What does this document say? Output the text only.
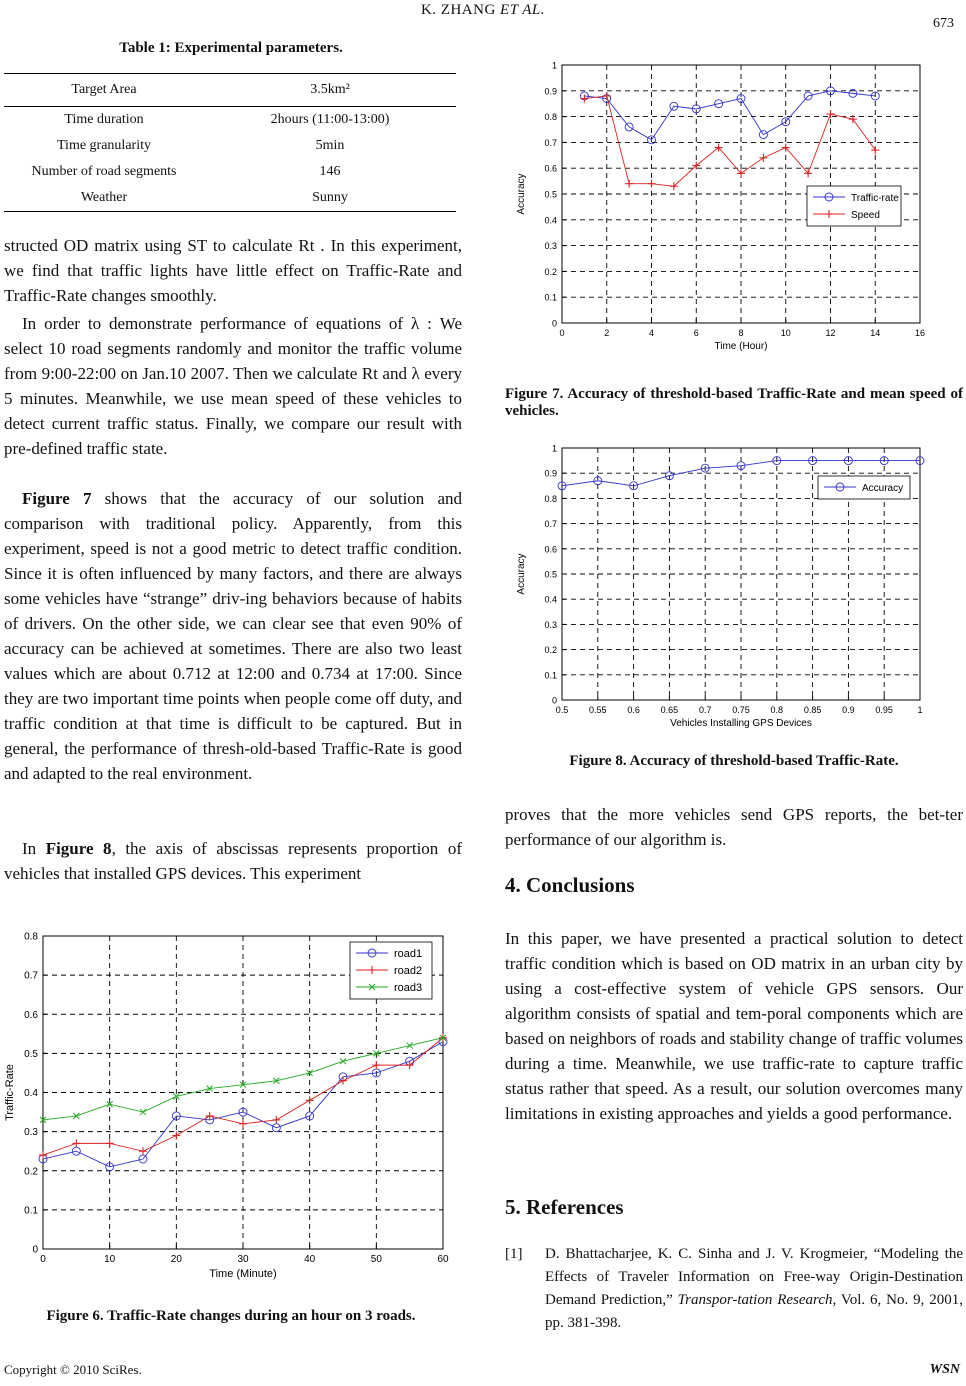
K. ZHANG ET AL.
673
Table 1: Experimental parameters.
Target Area	3.5km²
Time duration	2hours (11:00-13:00)
Time granularity	5min
Number of road segments	146
Weather	Sunny
structed OD matrix using ST to calculate Rt . In this experiment, we find that traffic lights have little effect on Traffic-Rate and Traffic-Rate changes smoothly.
In order to demonstrate performance of equations of λ : We select 10 road segments randomly and monitor the traffic volume from 9:00-22:00 on Jan.10 2007. Then we calculate Rt and λ every 5 minutes. Meanwhile, we use mean speed of these vehicles to detect current traffic status. Finally, we compare our result with pre-defined traffic state.
Figure 7 shows that the accuracy of our solution and comparison with traditional policy. Apparently, from this experiment, speed is not a good metric to detect traffic condition. Since it is often influenced by many factors, and there are always some vehicles have “strange” driv-ing behaviors because of habits of drivers. On the other side, we can clear see that even 90% of accuracy can be achieved at sometimes. There are also two least values which are about 0.712 at 12:00 and 0.734 at 17:00. Since they are two important time points when people come off duty, and traffic condition at that time is difficult to be captured. But in general, the performance of thresh-old-based Traffic-Rate is good and adapted to the real environment.
In Figure 8, the axis of abscissas represents proportion of vehicles that installed GPS devices. This experiment
0	2	4	6	8	10	12	14	16
0
0.1
0.2
0.3
0.4
0.5
0.6
0.7
0.8
0.9
1
Time (Hour)
Accuracy	Traffic-rate
Speed
Figure 7. Accuracy of threshold-based Traffic-Rate and mean speed of vehicles.
0.5 0.55 0.6 0.65 0.7 0.75 0.8 0.85 0.9 0.95	1
0
0.1
0.2
0.3
0.4
0.5
0.6
0.7
0.8
0.9
1
Vehicles Installing GPS Devices
Accuracy
Accuracy
Figure 8. Accuracy of threshold-based Traffic-Rate.
proves that the more vehicles send GPS reports, the bet-ter performance of our algorithm is.
4. Conclusions
In this paper, we have presented a practical solution to detect traffic condition which is based on OD matrix in an urban city by using a cost-effective system of vehicle GPS sensors. Our algorithm consists of spatial and tem-poral components which are based on neighbors of roads and stability change of traffic volumes during a time. Meanwhile, we use traffic-rate to capture traffic status rather that speed. As a result, our solution overcomes many limitations in existing approaches and yields a good performance.
5. References
[1]	D. Bhattacharjee, K. C. Sinha and J. V. Krogmeier, “Modeling the Effects of Traveler Information on Free-way Origin-Destination Demand Prediction,” Transpor-tation Research, Vol. 6, No. 9, 2001, pp. 381-398.
0	10	20	30	40	50	60
0
0.1
0.2
0.3
0.4
0.5
0.6
0.7
0.8
Time (Minute)
Traffic-Rate
road1
road2
road3
Figure 6. Traffic-Rate changes during an hour on 3 roads.
Copyright © 2010 SciRes.	WSN
